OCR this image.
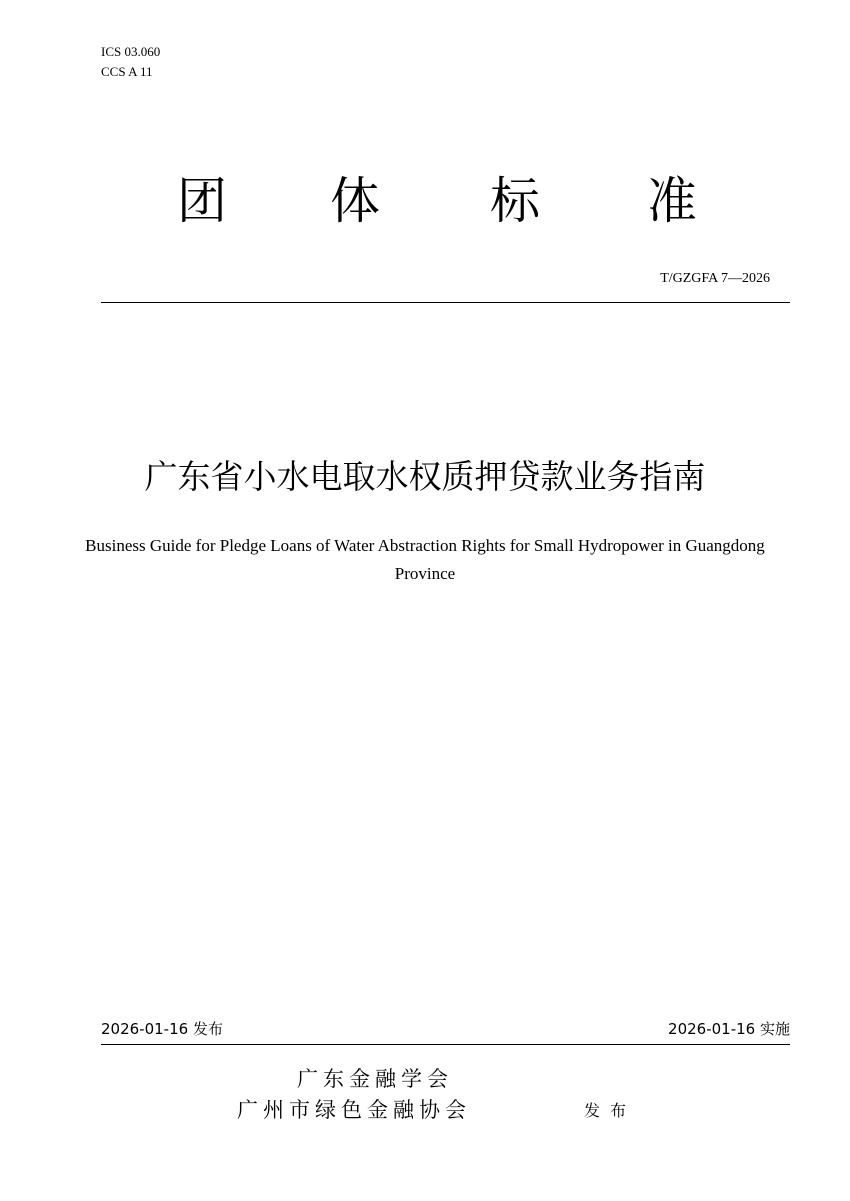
ICS 03.060
CCS A 11
团 体 标 准
T/GZGFA 7—2026
广东省小水电取水权质押贷款业务指南
Business Guide for Pledge Loans of Water Abstraction Rights for Small Hydropower in Guangdong Province
2026-01-16 发布	2026-01-16 实施
广东金融学会
广州市绿色金融协会	发布
